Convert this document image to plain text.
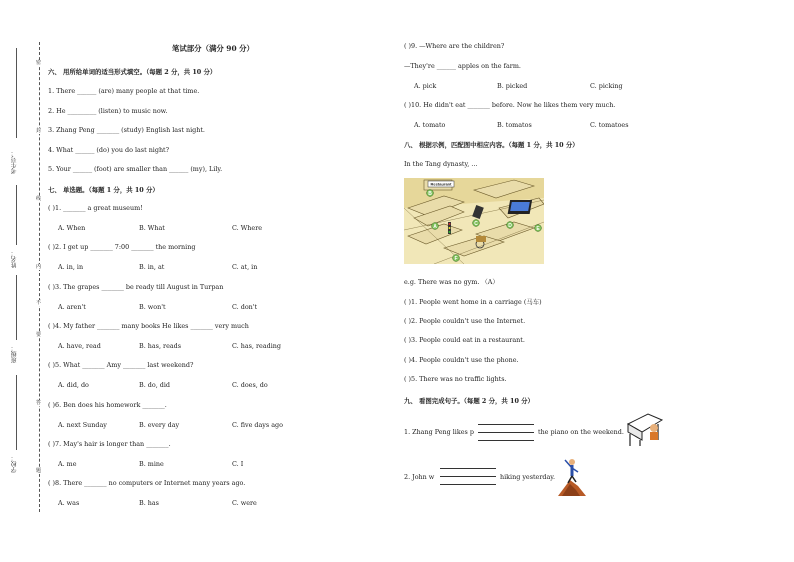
密
封
线
内
不
要
答
题
考生号：
姓名：
班级：
学校：
笔试部分（满分 90 分）
六、 用所给单词的适当形式填空。（每题 2 分，共 10 分）
1. There ______ (are) many people at that time.
2. He _________ (listen) to music now.
3. Zhang Peng _______ (study) English last night.
4. What ______ (do) you do last night?
5. Your ______ (foot) are smaller than ______ (my), Lily.
七、 单选题。（每题 1 分，共 10 分）
( )1. _______ a great museum!
A. When	B. What	C. Where
( )2. I get up _______ 7:00 _______ the morning
A. in, in	B. in, at	C. at, in
( )3. The grapes _______ be ready till August in Turpan
A. aren't	B. won't	C. don't
( )4. My father _______ many books He likes _______ very much
A. have, read	B. has, reads	C. has, reading
( )5. What _______ Amy _______ last weekend?
A. did, do	B. do, did	C. does, do
( )6. Ben does his homework _______.
A. next Sunday	B. every day	C. five days ago
( )7. May's hair is longer than _______.
A. me	B. mine	C. I
( )8. There _______ no computers or Internet many years ago.
A. was	B. has	C. were
( )9. —Where are the children?
—They're ______ apples on the farm.
A. pick	B. picked	C. picking
( )10. He didn't eat _______ before. Now he likes them very much.
A. tomato	B. tomatos	C. tomatoes
八、 根据示例，匹配图中相应内容。（每题 1 分，共 10 分）
In the Tang dynasty, …
Restaurant
A
B
C	D	E
F
e.g. There was no gym. （A）
( )1. People went home in a carriage (马车)
( )2. People couldn't use the Internet.
( )3. People could eat in a restaurant.
( )4. People couldn't use the phone.
( )5. There was no traffic lights.
九、 看图完成句子。（每题 2 分，共 10 分）
1. Zhang Peng likes p	the piano on the weekend.
2. John w	hiking yesterday.
